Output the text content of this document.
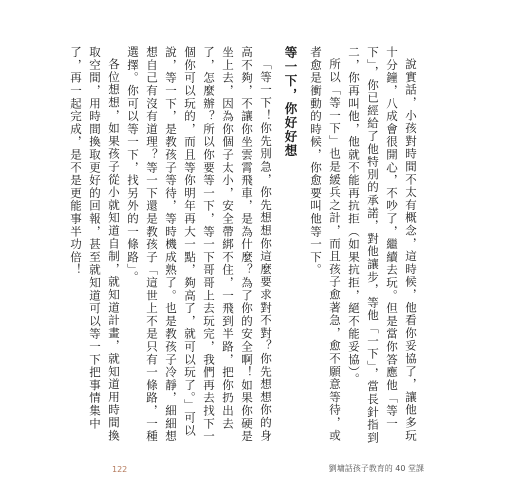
說實話，小孩對時間不太有概念，這時候，他看你妥協了，讓他多玩十分鐘，八成會很開心，不吵了，繼續去玩。但是當你答應他「等一下」，你已經給了他特別的承諾，對他讓步，等他「一下」，當長針指到二，你再叫他，他就不能再抗拒（如果抗拒，絕不能妥協）。

所以「等一下」也是緩兵之計，而且孩子愈著急，愈不願意等待，或者愈是衝動的時候，你愈要叫他等一下。

等一下，你好好想

「等一下！你先別急，你先想想你這麼要求對不對？你先想想你的身高不夠，不讓你坐雲霄飛車，是為什麼？為了你的安全啊！如果你硬是坐上去，因為你個子太小，安全帶綁不住，一飛到半路，把你扔出去了，怎麼辦？所以你要等一下，等一下哥哥上去玩完，我們再去找下一個你可以玩的，而且等你明年再大一點，夠高了，就可以玩了。」可以說，等一下，是教孩子等待，等時機成熟了。也是教孩子冷靜，細細想想自己有沒有道理？等一下還是教孩子「這世上不是只有一條路，一種選擇。你可以等一下，找另外的一條路」。

各位想想，如果孩子從小就知道自制，就知道計畫，就知道用時間換取空間，用時間換取更好的回報，甚至就知道可以等一下把事情集中了，再一起完成，是不是更能事半功倍！

122	劉墉話孩子教育的 40 堂課
